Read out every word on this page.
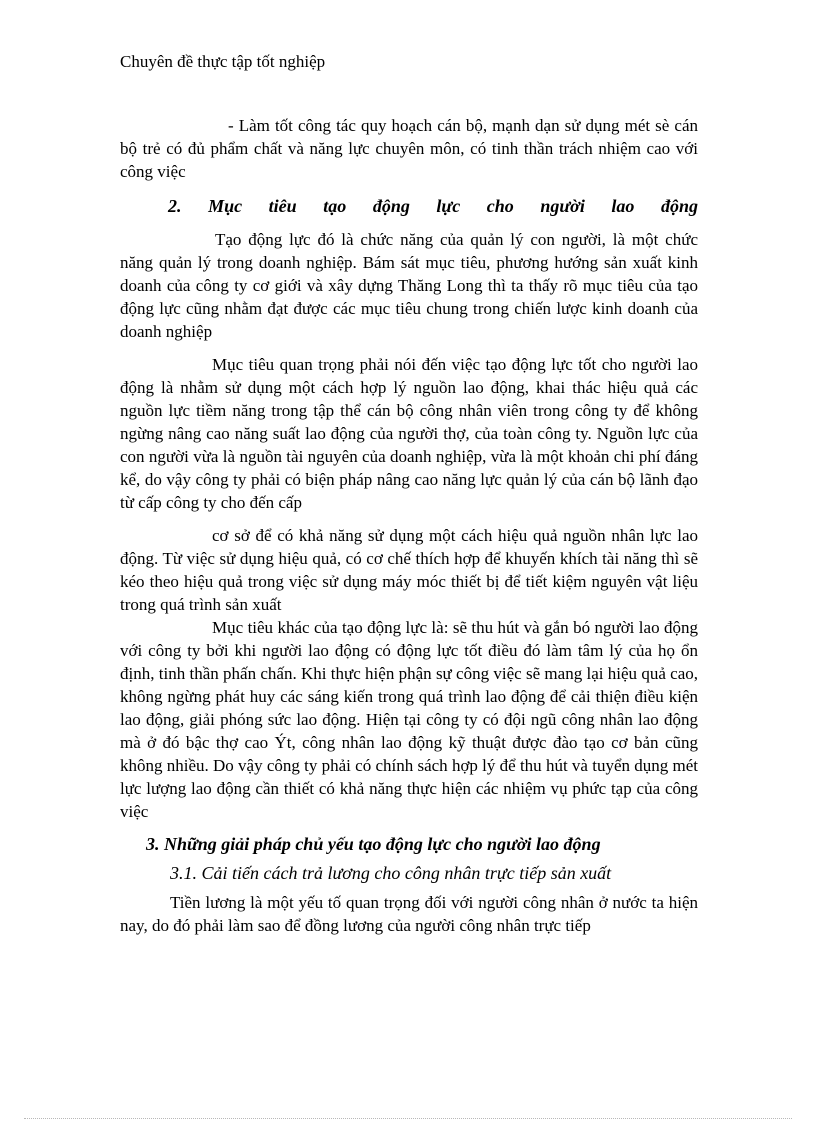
Chuyên đề thực tập tốt nghiệp

- Làm tốt công tác quy hoạch cán bộ, mạnh dạn sử dụng mét sè cán bộ trẻ có đủ phẩm chất và năng lực chuyên môn, có tinh thần trách nhiệm cao với công việc

2. Mục tiêu tạo động lực cho người lao động

Tạo động lực đó là chức năng của quản lý con người, là một chức năng quản lý trong doanh nghiệp. Bám sát mục tiêu, phương hướng sản xuất kinh doanh của công ty cơ giới và xây dựng Thăng Long thì ta thấy rõ mục tiêu của tạo động lực cũng nhằm đạt được các mục tiêu chung trong chiến lược kinh doanh của doanh nghiệp

Mục tiêu quan trọng phải nói đến việc tạo động lực tốt cho người lao động là nhằm sử dụng một cách hợp lý nguồn lao động, khai thác hiệu quả các nguồn lực tiềm năng trong tập thể cán bộ công nhân viên trong công ty để không ngừng nâng cao năng suất lao động của người thợ, của toàn công ty. Nguồn lực của con người vừa là nguồn tài nguyên của doanh nghiệp, vừa là một khoản chi phí đáng kể, do vậy công ty phải có biện pháp nâng cao năng lực quản lý của cán bộ lãnh đạo từ cấp công ty cho đến cấp

cơ sở để có khả năng sử dụng một cách hiệu quả nguồn nhân lực lao động. Từ việc sử dụng hiệu quả, có cơ chế thích hợp để khuyến khích tài năng thì sẽ kéo theo hiệu quả trong việc sử dụng máy móc thiết bị để tiết kiệm nguyên vật liệu trong quá trình sản xuất

Mục tiêu khác của tạo động lực là: sẽ thu hút và gắn bó người lao động với công ty bởi khi người lao động có động lực tốt điều đó làm tâm lý của họ ổn định, tinh thần phấn chấn. Khi thực hiện phận sự công việc sẽ mang lại hiệu quả cao, không ngừng phát huy các sáng kiến trong quá trình lao động để cải thiện điều kiện lao động, giải phóng sức lao động. Hiện tại công ty có đội ngũ công nhân lao động mà ở đó bậc thợ cao Ýt, công nhân lao động kỹ thuật được đào tạo cơ bản cũng không nhiều. Do vậy công ty phải có chính sách hợp lý để thu hút và tuyển dụng mét lực lượng lao động cần thiết có khả năng thực hiện các nhiệm vụ phức tạp của công việc

3. Những giải pháp chủ yếu tạo động lực cho người lao động
3.1. Cải tiến cách trả lương cho công nhân trực tiếp sản xuất

Tiền lương là một yếu tố quan trọng đối với người công nhân ở nước ta hiện nay, do đó phải làm sao để đồng lương của người công nhân trực tiếp
